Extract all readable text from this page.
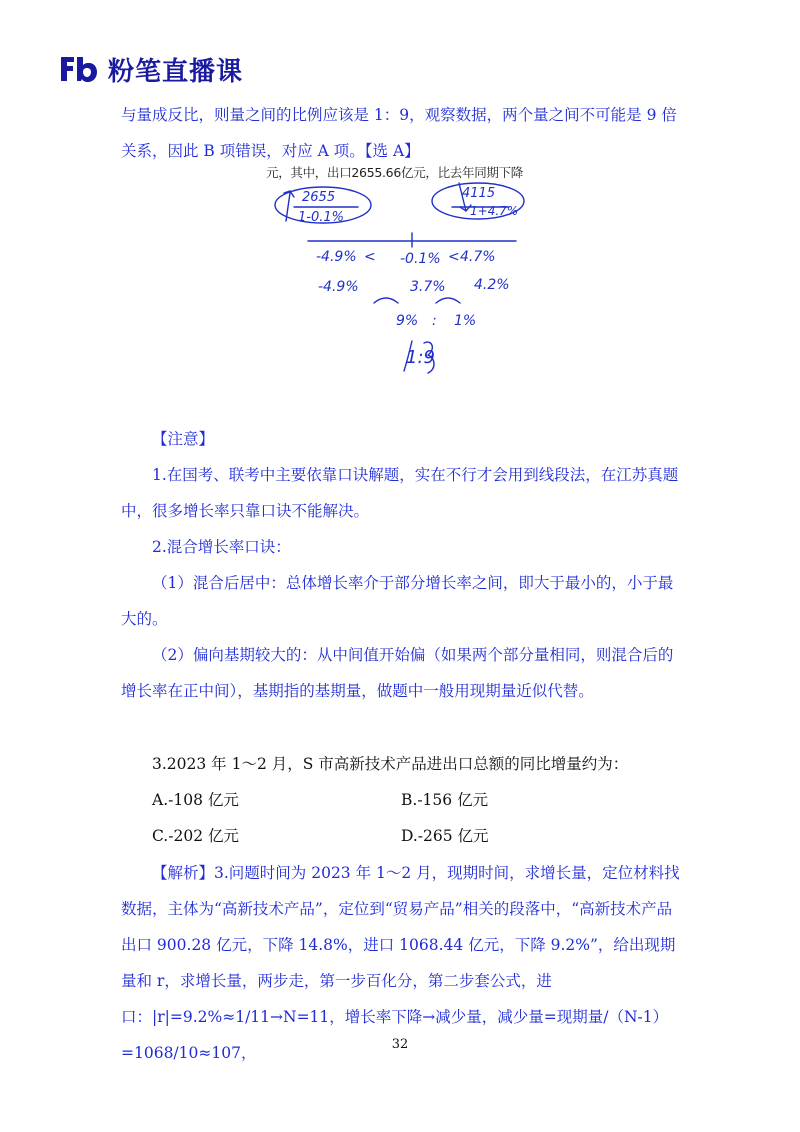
粉笔直播课

与量成反比，则量之间的比例应该是 1：9，观察数据，两个量之间不可能是 9 倍关系，因此 B 项错误，对应 A 项。【选 A】

元，其中，出口2655.66亿元，比去年同期下降
2655
1-0.1%
4115
1+4.7%
-4.9% < -0.1% < 4.7%
-4.9%	3.7% 4.2%
9% : 1%
1:9

【注意】

1.在国考、联考中主要依靠口诀解题，实在不行才会用到线段法，在江苏真题中，很多增长率只靠口诀不能解决。

2.混合增长率口诀：

（1）混合后居中：总体增长率介于部分增长率之间，即大于最小的，小于最大的。

（2）偏向基期较大的：从中间值开始偏（如果两个部分量相同，则混合后的增长率在正中间），基期指的基期量，做题中一般用现期量近似代替。

3.2023 年 1～2 月，S 市高新技术产品进出口总额的同比增量约为：

A.-108 亿元	B.-156 亿元
C.-202 亿元	D.-265 亿元

【解析】3.问题时间为 2023 年 1～2 月，现期时间，求增长量，定位材料找数据，主体为“高新技术产品”，定位到“贸易产品”相关的段落中，“高新技术产品出口 900.28 亿元，下降 14.8%，进口 1068.44 亿元，下降 9.2%”，给出现期量和 r，求增长量，两步走，第一步百化分，第二步套公式，进口：|r|=9.2%≈1/11→N=11，增长率下降→减少量，减少量=现期量/（N-1）=1068/10≈107，	32
